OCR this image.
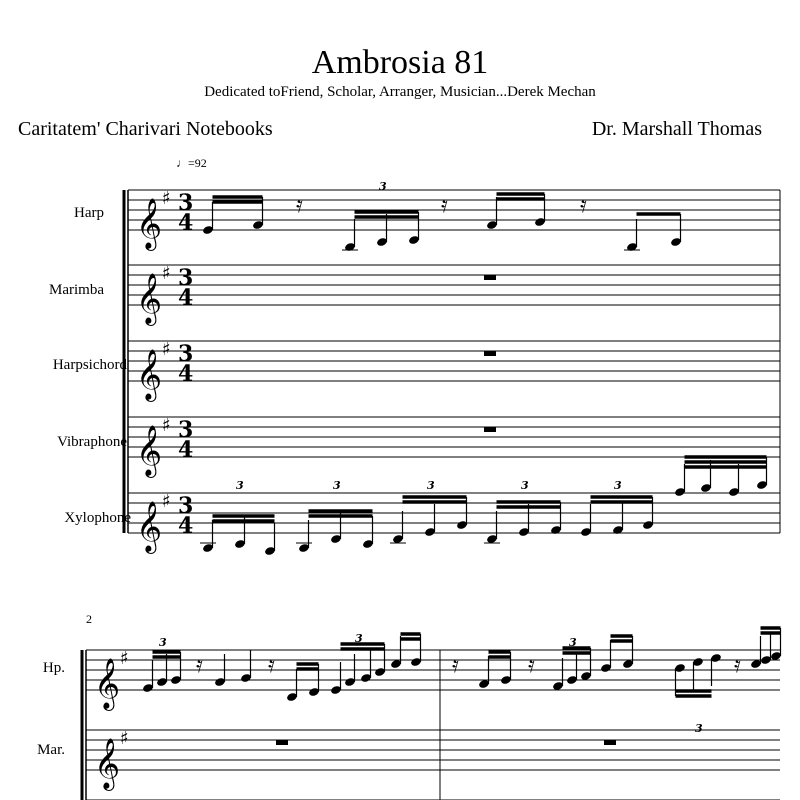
Ambrosia 81
Dedicated toFriend, Scholar, Arranger, Musician...Derek Mechan
Caritatem' Charivari Notebooks	Dr. Marshall Thomas
♩=92
Harp
Marimba
Harpsichord
Vibraphone
Xylophone
2
Hp.
Mar.
𝄞 ♯ 3
4
𝄞 ♯ 3
4
𝄞 ♯ 3
4
𝄞 ♯ 3
4
𝄞 ♯ 3
4
𝄿
3
𝄿	𝄿
3	3	3	3	3
𝄞 ♯
𝄞 ♯
3
𝄿	𝄿
3
𝄿	𝄿
3
3
𝄿
